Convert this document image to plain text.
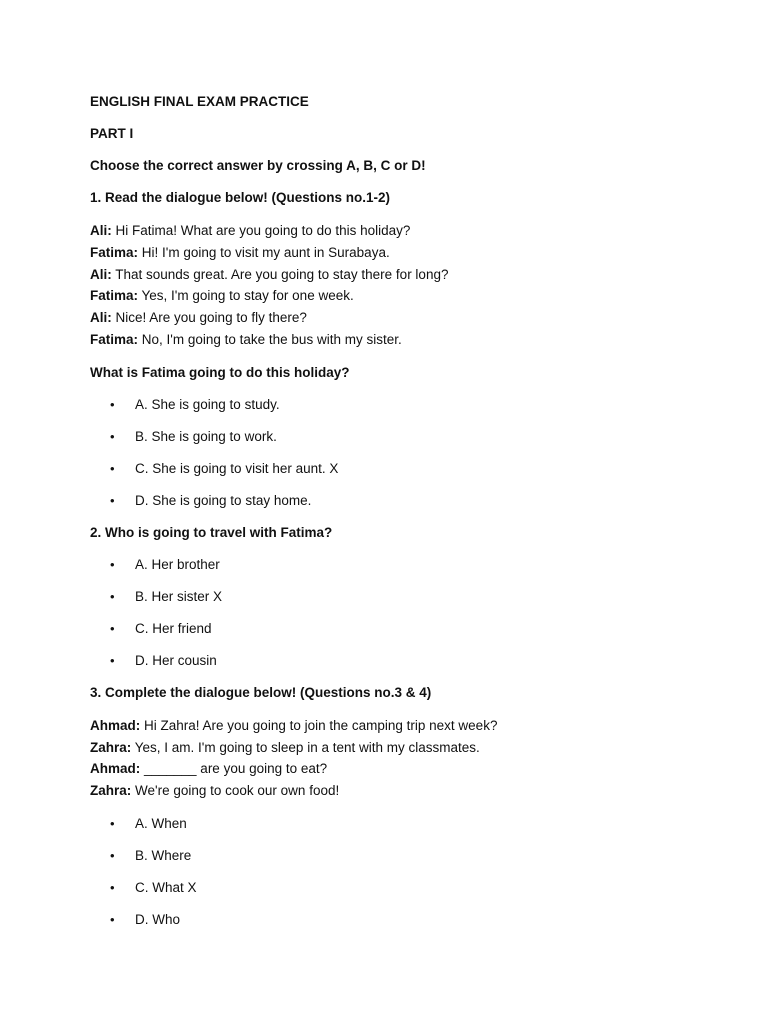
ENGLISH FINAL EXAM PRACTICE
PART I
Choose the correct answer by crossing A, B, C or D!
1. Read the dialogue below! (Questions no.1-2)
Ali: Hi Fatima! What are you going to do this holiday?
Fatima: Hi! I'm going to visit my aunt in Surabaya.
Ali: That sounds great. Are you going to stay there for long?
Fatima: Yes, I'm going to stay for one week.
Ali: Nice! Are you going to fly there?
Fatima: No, I'm going to take the bus with my sister.
What is Fatima going to do this holiday?
• A. She is going to study.
• B. She is going to work.
• C. She is going to visit her aunt. X
• D. She is going to stay home.
2. Who is going to travel with Fatima?
• A. Her brother
• B. Her sister X
• C. Her friend
• D. Her cousin
3. Complete the dialogue below! (Questions no.3 & 4)
Ahmad: Hi Zahra! Are you going to join the camping trip next week?
Zahra: Yes, I am. I'm going to sleep in a tent with my classmates.
Ahmad: _______ are you going to eat?
Zahra: We're going to cook our own food!
• A. When
• B. Where
• C. What X
• D. Who
